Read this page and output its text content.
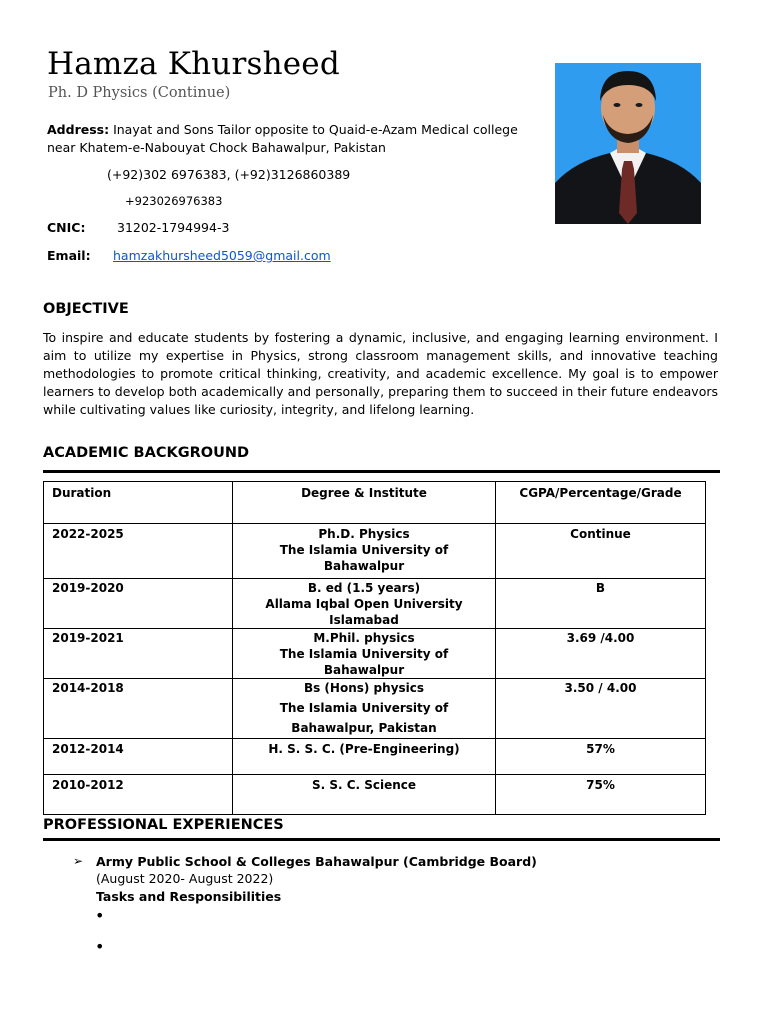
Hamza Khursheed
Ph. D Physics (Continue)
Address: Inayat and Sons Tailor opposite to Quaid-e-Azam Medical college
near Khatem-e-Nabouyat Chock Bahawalpur, Pakistan
(+92)302 6976383, (+92)3126860389
+923026976383
CNIC:	31202-1794994-3
Email: hamzakhursheed5059@gmail.com
OBJECTIVE
To inspire and educate students by fostering a dynamic, inclusive, and engaging learning environment. I aim to utilize my expertise in Physics, strong classroom management skills, and innovative teaching methodologies to promote critical thinking, creativity, and academic excellence. My goal is to empower learners to develop both academically and personally, preparing them to succeed in their future endeavors while cultivating values like curiosity, integrity, and lifelong learning.
ACADEMIC BACKGROUND
Duration	Degree & Institute	CGPA/Percentage/Grade
2022-2025	Ph.D. Physics
The Islamia University of
Bahawalpur	Continue
2019-2020	B. ed (1.5 years)
Allama Iqbal Open University Islamabad	B
2019-2021	M.Phil. physics
The Islamia University of
Bahawalpur	3.69 /4.00
2014-2018	Bs (Hons) physics
The Islamia University of
Bahawalpur, Pakistan	3.50 / 4.00
2012-2014	H. S. S. C. (Pre-Engineering)	57%
2010-2012	S. S. C. Science	75%
PROFESSIONAL EXPERIENCES
➢ Army Public School & Colleges Bahawalpur (Cambridge Board)
(August 2020- August 2022)
Tasks and Responsibilities
•
•
